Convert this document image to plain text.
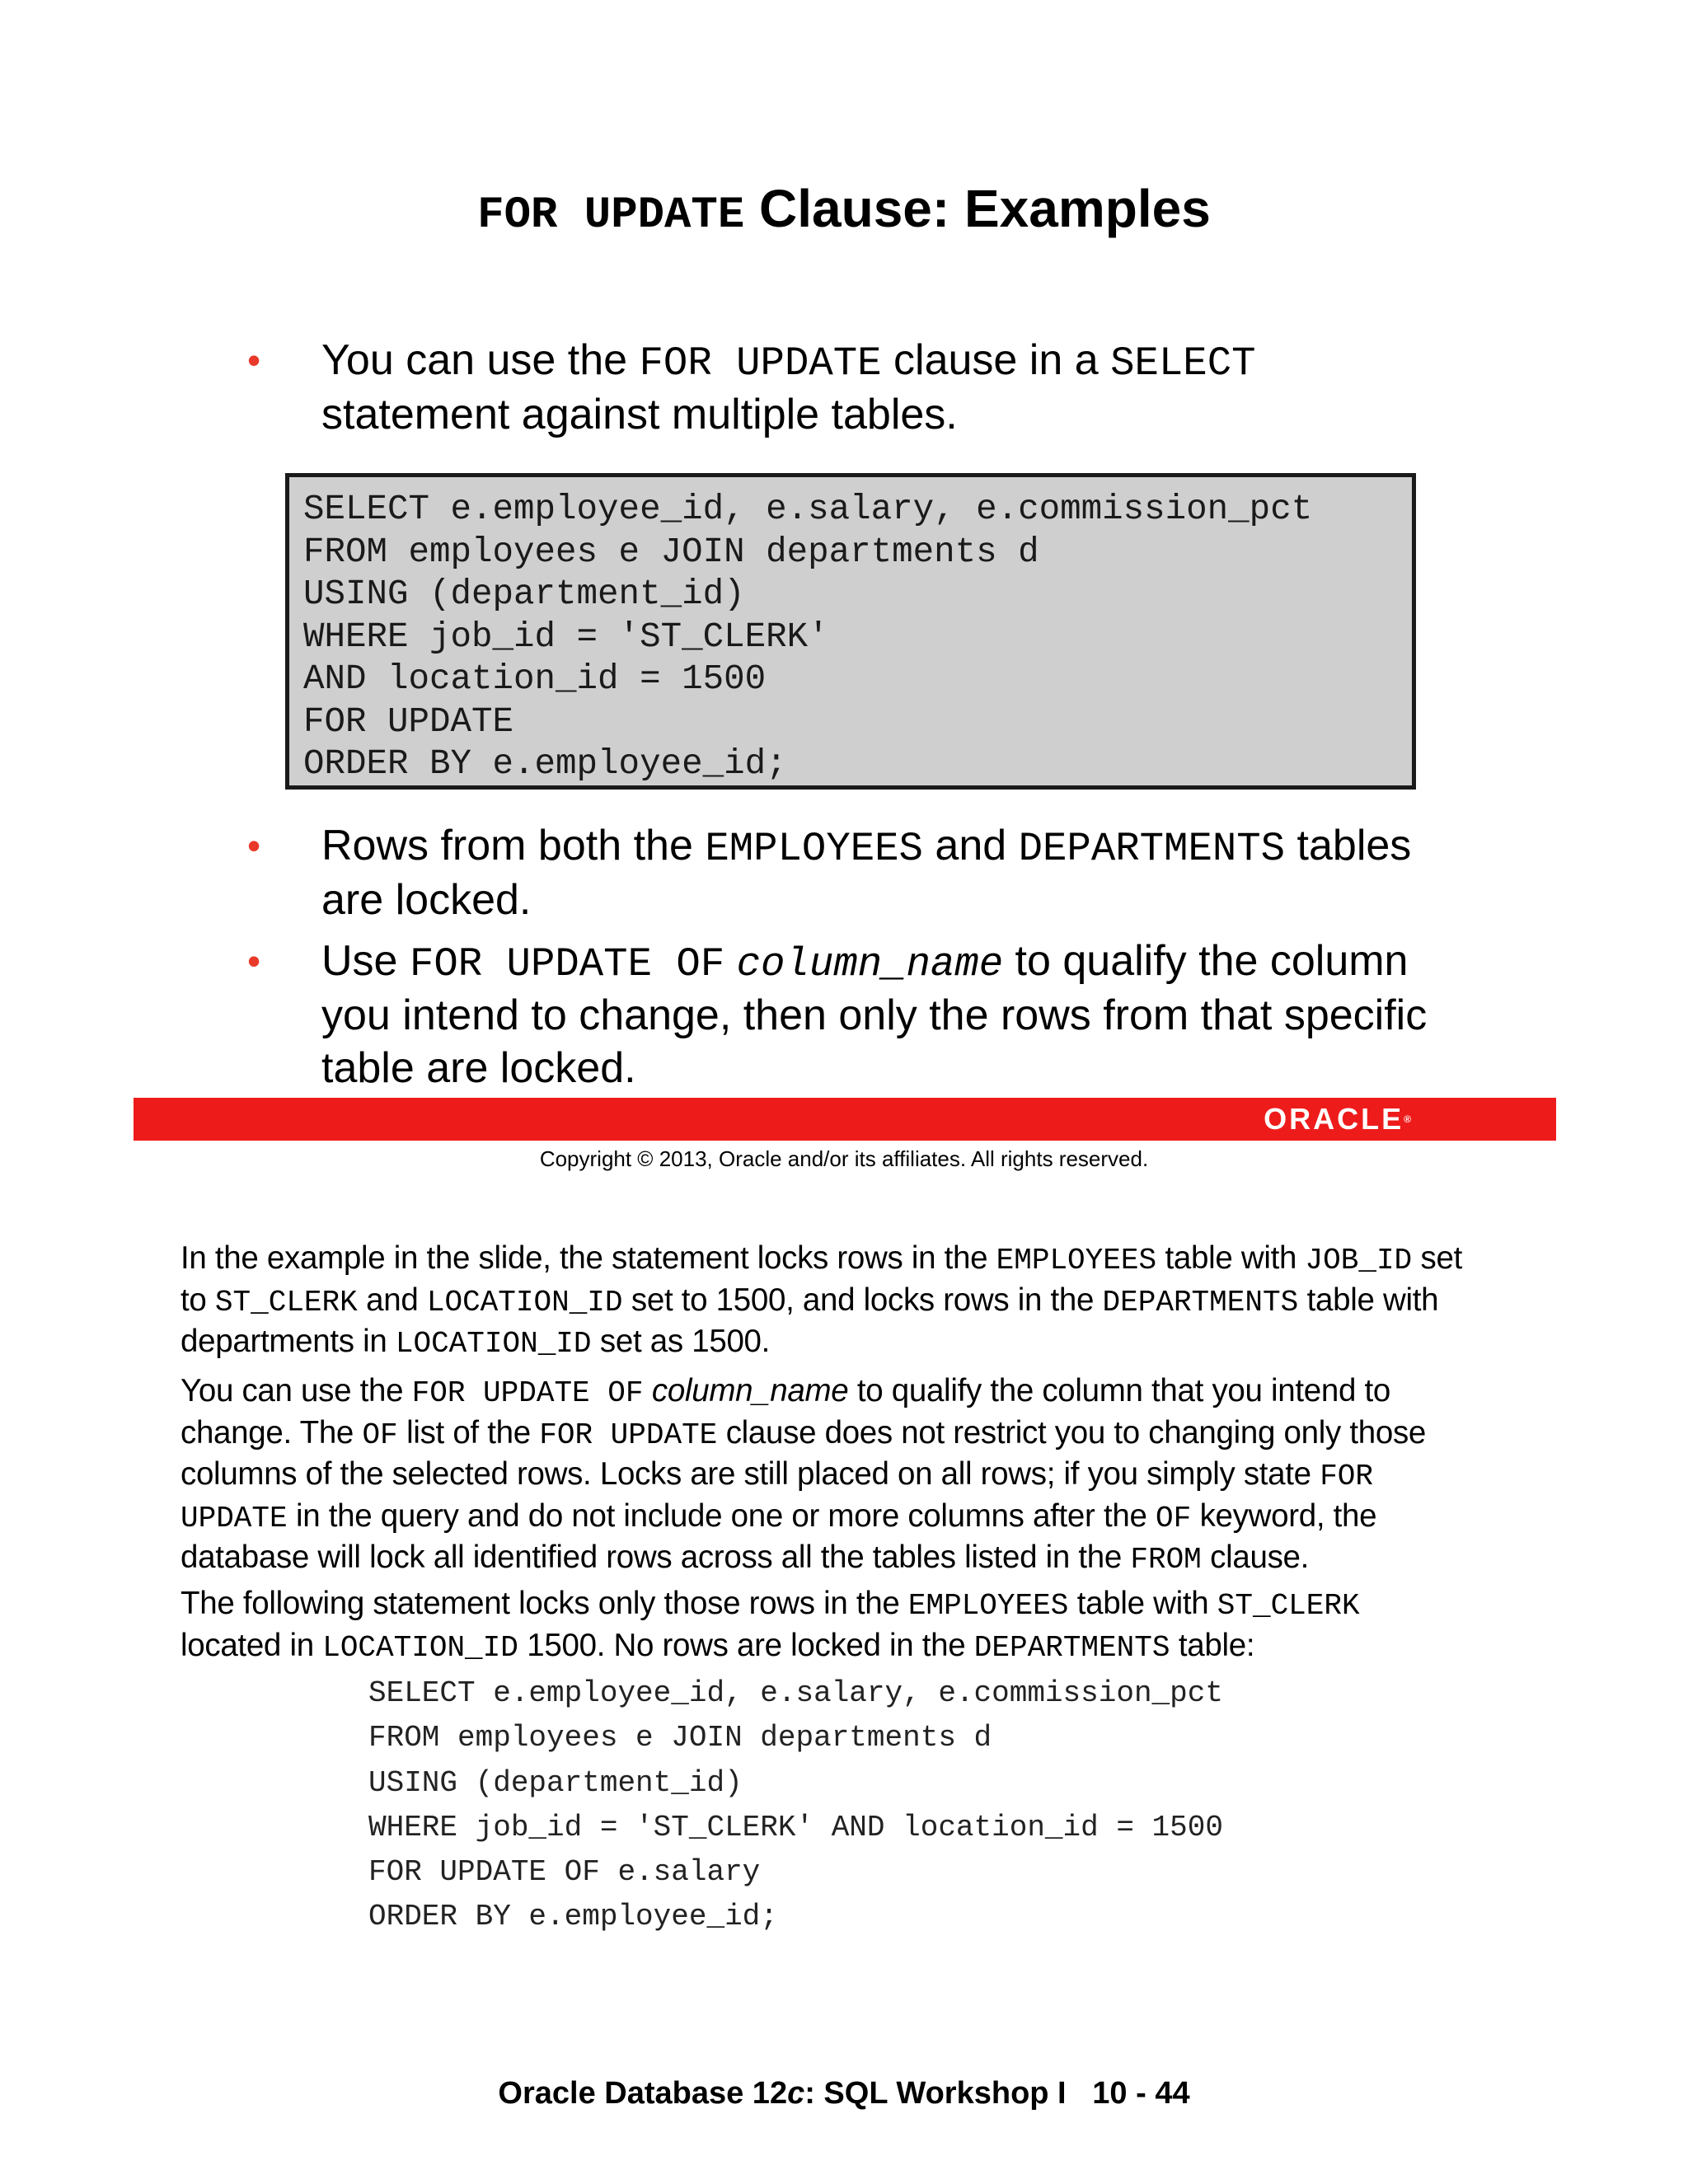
FOR UPDATE Clause: Examples
• You can use the FOR UPDATE clause in a SELECT
statement against multiple tables.
SELECT e.employee_id, e.salary, e.commission_pct
FROM employees e JOIN departments d
USING (department_id)
WHERE job_id = 'ST_CLERK'
AND location_id = 1500
FOR UPDATE
ORDER BY e.employee_id;
• Rows from both the EMPLOYEES and DEPARTMENTS tables
are locked.
• Use FOR UPDATE OF column_name to qualify the column
you intend to change, then only the rows from that specific
table are locked.
ORACLE®
Copyright © 2013, Oracle and/or its affiliates. All rights reserved.
In the example in the slide, the statement locks rows in the EMPLOYEES table with JOB_ID set
to ST_CLERK and LOCATION_ID set to 1500, and locks rows in the DEPARTMENTS table with
departments in LOCATION_ID set as 1500.
You can use the FOR UPDATE OF column_name to qualify the column that you intend to
change. The OF list of the FOR UPDATE clause does not restrict you to changing only those
columns of the selected rows. Locks are still placed on all rows; if you simply state FOR
UPDATE in the query and do not include one or more columns after the OF keyword, the
database will lock all identified rows across all the tables listed in the FROM clause.
The following statement locks only those rows in the EMPLOYEES table with ST_CLERK
located in LOCATION_ID 1500. No rows are locked in the DEPARTMENTS table:
SELECT e.employee_id, e.salary, e.commission_pct
FROM employees e JOIN departments d
USING (department_id)
WHERE job_id = 'ST_CLERK' AND location_id = 1500
FOR UPDATE OF e.salary
ORDER BY e.employee_id;
Oracle Database 12c: SQL Workshop I   10 - 44
